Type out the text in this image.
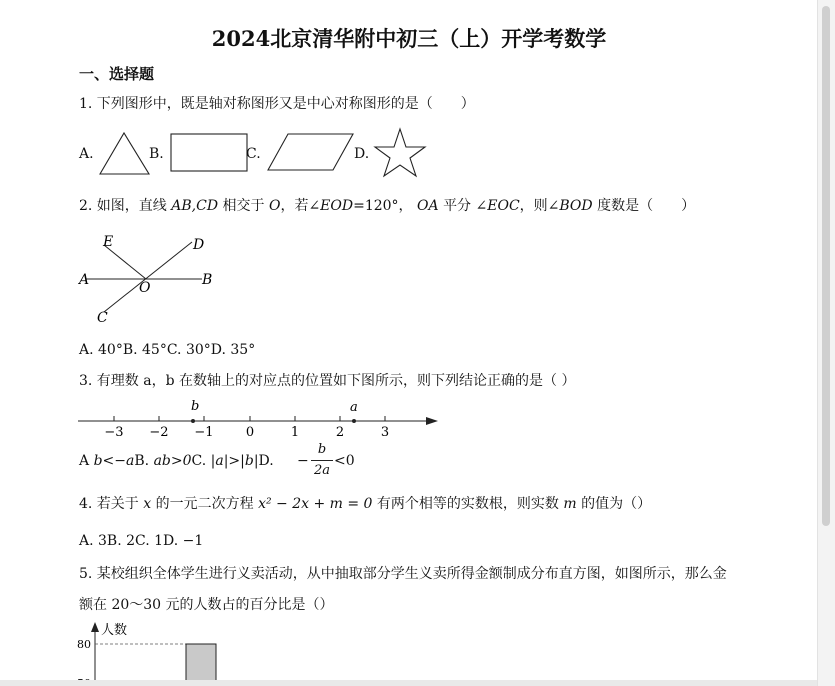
2024北京清华附中初三（上）开学考数学
一、选择题
1. 下列图形中，既是轴对称图形又是中心对称图形的是（　　）
A.	B.	C.	D.
2. 如图，直线 AB,CD 相交于 O，若∠EOD=120°， OA 平分 ∠EOC，则∠BOD 度数是（　　）
E	D
A	B
O
C
A. 40°B. 45°C. 30°D. 35°
3. 有理数 a，b 在数轴上的对应点的位置如下图所示，则下列结论正确的是（ ）
b	a
−3 −2 −1 0	1	2	3
A b<−aB. ab>0C. |a|>|b|D. −
b
2a
<0
4. 若关于 x 的一元二次方程 x² − 2x + m = 0 有两个相等的实数根，则实数 m 的值为（）
A. 3B. 2C. 1D. −1
5. 某校组织全体学生进行义卖活动，从中抽取部分学生义卖所得金额制成分布直方图，如图所示，那么金
额在 20～30 元的人数占的百分比是（）
人数
80
